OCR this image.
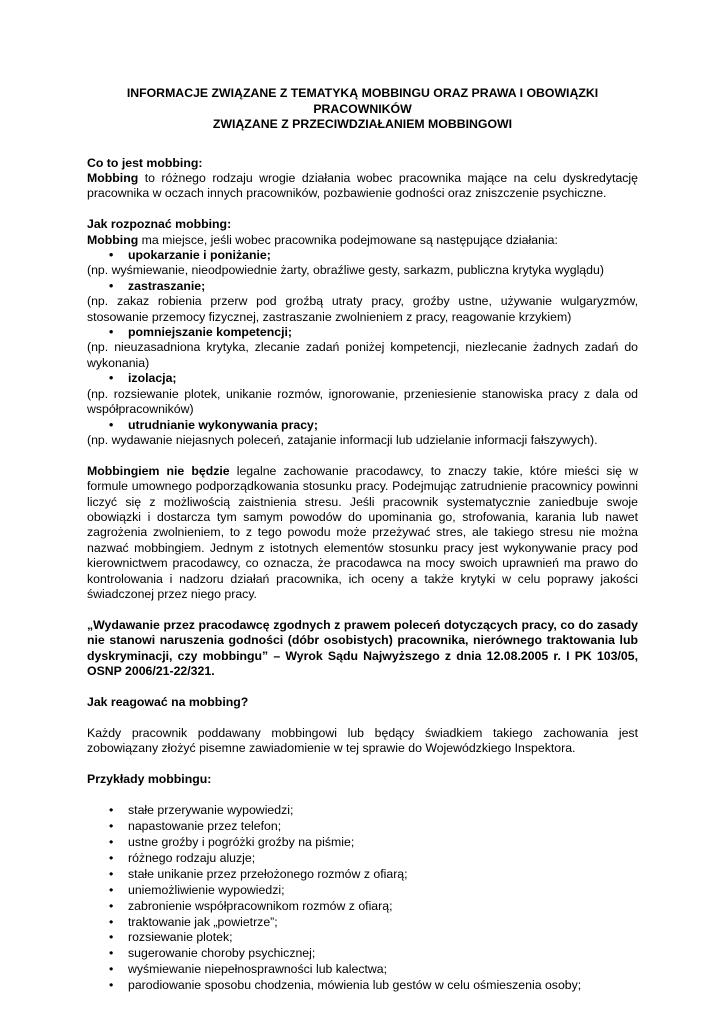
INFORMACJE ZWIĄZANE Z TEMATYKĄ MOBBINGU ORAZ PRAWA I OBOWIĄZKI PRACOWNIKÓW
ZWIĄZANE Z PRZECIWDZIAŁANIEM MOBBINGOWI
Co to jest mobbing:

Mobbing to różnego rodzaju wrogie działania wobec pracownika mające na celu dyskredytację pracownika w oczach innych pracowników, pozbawienie godności oraz zniszczenie psychiczne.

Jak rozpoznać mobbing:

Mobbing ma miejsce, jeśli wobec pracownika podejmowane są następujące działania:

• upokarzanie i poniżanie;
(np. wyśmiewanie, nieodpowiednie żarty, obraźliwe gesty, sarkazm, publiczna krytyka wyglądu)
• zastraszanie;
(np. zakaz robienia przerw pod groźbą utraty pracy, groźby ustne, używanie wulgaryzmów, stosowanie przemocy fizycznej, zastraszanie zwolnieniem z pracy, reagowanie krzykiem)
• pomniejszanie kompetencji;
(np. nieuzasadniona krytyka, zlecanie zadań poniżej kompetencji, niezlecanie żadnych zadań do wykonania)
• izolacja;
(np. rozsiewanie plotek, unikanie rozmów, ignorowanie, przeniesienie stanowiska pracy z dala od współpracowników)
• utrudnianie wykonywania pracy;
(np. wydawanie niejasnych poleceń, zatajanie informacji lub udzielanie informacji fałszywych).

Mobbingiem nie będzie legalne zachowanie pracodawcy, to znaczy takie, które mieści się w formule umownego podporządkowania stosunku pracy. Podejmując zatrudnienie pracownicy powinni liczyć się z możliwością zaistnienia stresu. Jeśli pracownik systematycznie zaniedbuje swoje obowiązki i dostarcza tym samym powodów do upominania go, strofowania, karania lub nawet zagrożenia zwolnieniem, to z tego powodu może przeżywać stres, ale takiego stresu nie można nazwać mobbingiem. Jednym z istotnych elementów stosunku pracy jest wykonywanie pracy pod kierownictwem pracodawcy, co oznacza, że pracodawca na mocy swoich uprawnień ma prawo do kontrolowania i nadzoru działań pracownika, ich oceny a także krytyki w celu poprawy jakości świadczonej przez niego pracy.

„Wydawanie przez pracodawcę zgodnych z prawem poleceń dotyczących pracy, co do zasady nie stanowi naruszenia godności (dóbr osobistych) pracownika, nierównego traktowania lub dyskryminacji, czy mobbingu” – Wyrok Sądu Najwyższego z dnia 12.08.2005 r. I PK 103/05, OSNP 2006/21-22/321.

Jak reagować na mobbing?

Każdy pracownik poddawany mobbingowi lub będący świadkiem takiego zachowania jest zobowiązany złożyć pisemne zawiadomienie w tej sprawie do Wojewódzkiego Inspektora.

Przykłady mobbingu:
• stałe przerywanie wypowiedzi;
• napastowanie przez telefon;
• ustne groźby i pogróżki groźby na piśmie;
• różnego rodzaju aluzje;
• stałe unikanie przez przełożonego rozmów z ofiarą;
• uniemożliwienie wypowiedzi;
• zabronienie współpracownikom rozmów z ofiarą;
• traktowanie jak „powietrze”;
• rozsiewanie plotek;
• sugerowanie choroby psychicznej;
• wyśmiewanie niepełnosprawności lub kalectwa;
• parodiowanie sposobu chodzenia, mówienia lub gestów w celu ośmieszenia osoby;
